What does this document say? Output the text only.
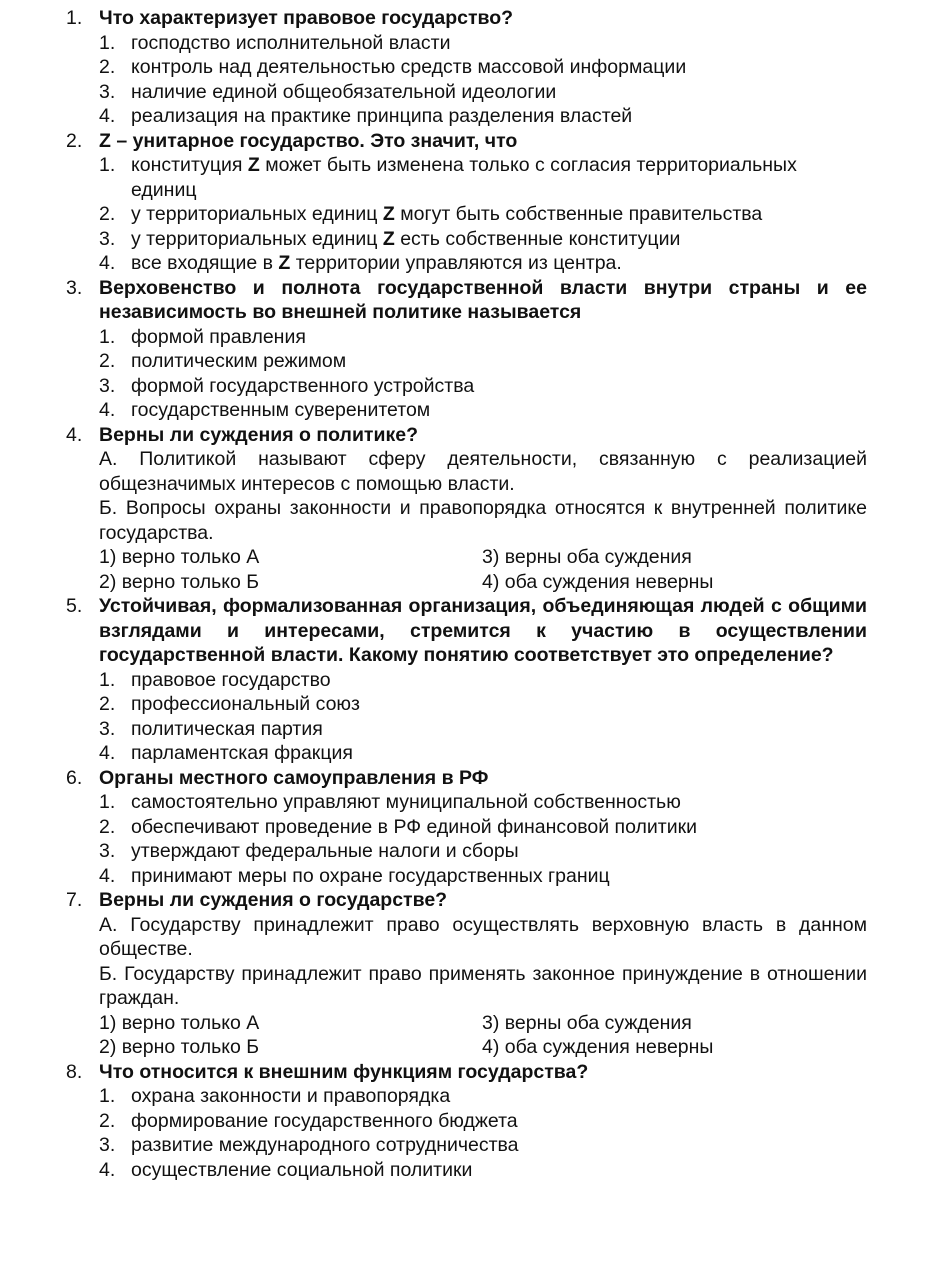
1. Что характеризует правовое государство?
1. господство исполнительной власти
2. контроль над деятельностью средств массовой информации
3. наличие единой общеобязательной идеологии
4. реализация на практике принципа разделения властей
2. Z – унитарное государство. Это значит, что
1. конституция Z может быть изменена только с согласия территориальных единиц
2. у территориальных единиц Z могут быть собственные правительства
3. у территориальных единиц Z есть собственные конституции
4. все входящие в Z территории управляются из центра.
3. Верховенство и полнота государственной власти внутри страны и ее независимость во внешней политике называется
1. формой правления
2. политическим режимом
3. формой государственного устройства
4. государственным суверенитетом
4. Верны ли суждения о политике?
А. Политикой называют сферу деятельности, связанную с реализацией общезначимых интересов с помощью власти.
Б. Вопросы охраны законности и правопорядка относятся к внутренней политике государства.
1) верно только А	3) верны оба суждения
2) верно только Б	4) оба суждения неверны
5. Устойчивая, формализованная организация, объединяющая людей с общими взглядами и интересами, стремится к участию в осуществлении государственной власти. Какому понятию соответствует это определение?
1. правовое государство
2. профессиональный союз
3. политическая партия
4. парламентская фракция
6. Органы местного самоуправления в РФ
1. самостоятельно управляют муниципальной собственностью
2. обеспечивают проведение в РФ единой финансовой политики
3. утверждают федеральные налоги и сборы
4. принимают меры по охране государственных границ
7. Верны ли суждения о государстве?
А. Государству принадлежит право осуществлять верховную власть в данном обществе.
Б. Государству принадлежит право применять законное принуждение в отношении граждан.
1) верно только А	3) верны оба суждения
2) верно только Б	4) оба суждения неверны
8. Что относится к внешним функциям государства?
1. охрана законности и правопорядка
2. формирование государственного бюджета
3. развитие международного сотрудничества
4. осуществление социальной политики
